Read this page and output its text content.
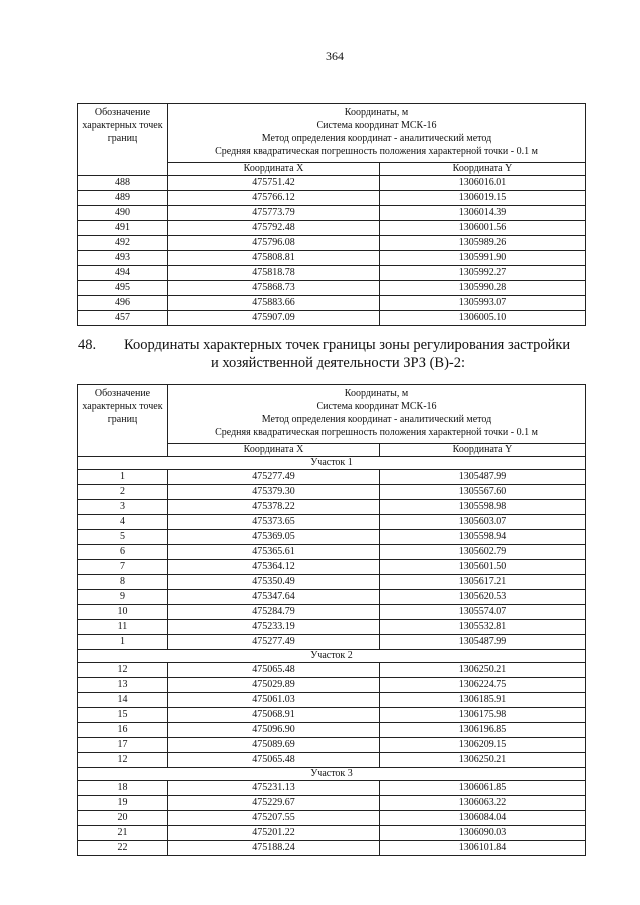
364
Обозначение характерных точек границ	Координаты, м
Система координат МСК-16
Метод определения координат - аналитический метод
Средняя квадратическая погрешность положения характерной точки - 0.1 м	

	Координата X	Координата Y
488	475751.42	1306016.01
489	475766.12	1306019.15
490	475773.79	1306014.39
491	475792.48	1306001.56
492	475796.08	1305989.26
493	475808.81	1305991.90
494	475818.78	1305992.27
495	475868.73	1305990.28
496	475883.66	1305993.07
457	475907.09	1306005.10
48. Координаты характерных точек границы зоны регулирования застройки
и хозяйственной деятельности ЗРЗ (В)-2:
Обозначение характерных точек границ	Координаты, м
Система координат МСК-16
Метод определения координат - аналитический метод
Средняя квадратическая погрешность положения характерной точки - 0.1 м	

	Координата X	Координата Y
Участок 1		
1	475277.49	1305487.99
2	475379.30	1305567.60
3	475378.22	1305598.98
4	475373.65	1305603.07
5	475369.05	1305598.94
6	475365.61	1305602.79
7	475364.12	1305601.50
8	475350.49	1305617.21
9	475347.64	1305620.53
10	475284.79	1305574.07
11	475233.19	1305532.81
1	475277.49	1305487.99
Участок 2		
12	475065.48	1306250.21
13	475029.89	1306224.75
14	475061.03	1306185.91
15	475068.91	1306175.98
16	475096.90	1306196.85
17	475089.69	1306209.15
12	475065.48	1306250.21
Участок 3		
18	475231.13	1306061.85
19	475229.67	1306063.22
20	475207.55	1306084.04
21	475201.22	1306090.03
22	475188.24	1306101.84
